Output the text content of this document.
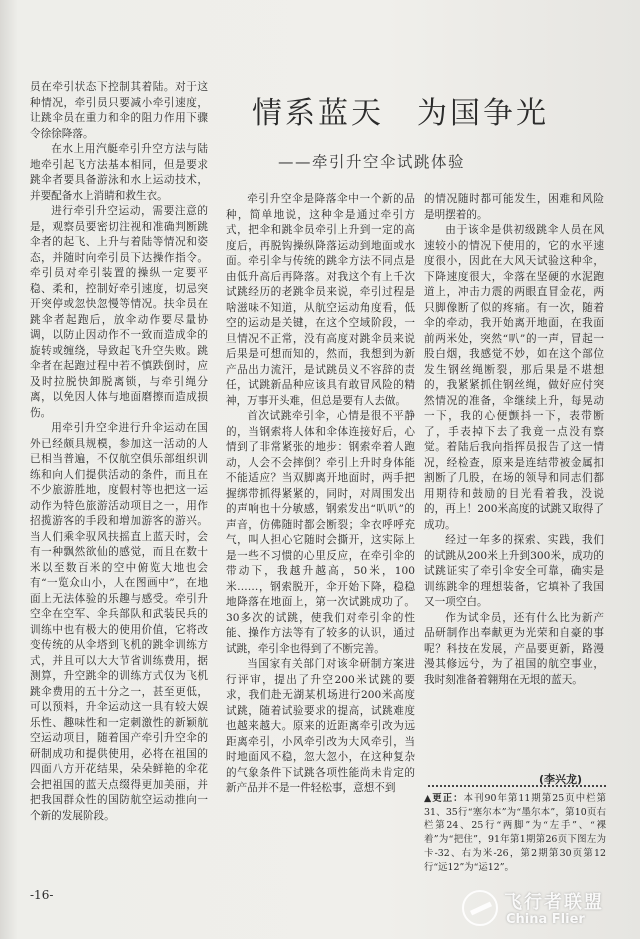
员在牵引状态下控制其着陆。对于这种情况，牵引员只要减小牵引速度，让跳伞员在重力和伞的阻力作用下骤令徐徐降落。

在水上用汽艇牵引升空方法与陆地牵引起飞方法基本相同，但是要求跳伞者要具备游泳和水上运动技术，并要配备水上消睛和救生衣。

进行牵引升空运动，需要注意的是，观察员要密切注视和准确判断跳伞者的起飞、上升与着陆等情况和姿态，并随时向牵引员下达操作指令。牵引员对牵引装置的操纵一定要平稳、柔和，控制好牵引速度，切忌突开突停或忽快忽慢等情况。扶伞员在跳伞者起跑后，放伞动作要尽量协调，以防止因动作不一致而造成伞的旋转或缠绕，导致起飞升空失败。跳伞者在起跑过程中若不慎跌倒时，应及时拉脱快卸脱离锁，与牵引绳分离，以免因人体与地面磨擦而造成损伤。

用牵引升空伞进行升伞运动在国外已经颇具规模，参加这一活动的人已相当普遍，不仅航空俱乐部组织训练和向人们提供活动的条件，而且在不少旅游胜地，度假村等也把这一运动作为特色旅游活动项目之一，用作招揽游客的手段和增加游客的游兴。当人们乘伞驭风扶摇直上蓝天时，会有一种飘然欲仙的感觉，而且在数十米以至数百米的空中俯览大地也会有“一览众山小，人在图画中”，在地面上无法体验的乐趣与感受。牵引升空伞在空军、伞兵部队和武装民兵的训练中也有极大的使用价值，它将改变传统的从伞塔到飞机的跳伞训练方式，并且可以大大节省训练费用，据测算，升空跳伞的训练方式仅为飞机跳伞费用的五十分之一，甚至更低，可以预料，升伞运动这一具有较大娱乐性、趣味性和一定刺激性的新颖航空运动项目，随着国产牵引升空伞的研制成功和提供使用，必将在祖国的四面八方开花结果，朵朵鲜艳的伞花会把祖国的蓝天点缀得更加美丽，并把我国群众性的国防航空运动推向一个新的发展阶段。

情系蓝天　为国争光
——牵引升空伞试跳体验

牵引升空伞是降落伞中一个新的品种，简单地说，这种伞是通过牵引方式，把伞和跳伞员牵引上升到一定的高度后，再脱钩操纵降落运动到地面或水面。牵引伞与传统的跳伞方法不同点是由低升高后再降落。对我这个有上千次试跳经历的老跳伞员来说，牵引过程是啥滋味不知道，从航空运动角度看，低空的运动是关键，在这个空域阶段，一旦情况不正常，没有高度对跳伞员来说后果是可想而知的，然而，我想到为新产品出力流汗，是试跳员义不容辞的责任，试跳新品种应该具有敢冒风险的精神，万事开头难，但总是要有人去做。

首次试跳牵引伞，心情是很不平静的，当钢索将人体和伞体连接好后，心情到了非常紧张的地步：钢索牵着人跑动，人会不会摔倒？牵引上升时身体能不能适应？当双脚离开地面时，两手把握绑带抓得紧紧的，同时，对周围发出的声响也十分敏感，钢索发出“叭叭”的声音，仿佛随时都会断裂；伞衣呼呼充气，叫人担心它随时会撕开，这实际上是一些不习惯的心里反应，在牵引伞的带动下，我越升越高，50米，100米……，钢索脱开，伞开始下降，稳稳地降落在地面上，第一次试跳成功了。30多次的试跳，使我们对牵引伞的性能、操作方法等有了较多的认识，通过试跳，牵引伞也得到了不断完善。

当国家有关部门对该伞研制方案进行评审，提出了升空200米试跳的要求，我们赴无湖某机场进行200米高度试跳，随着试验要求的提高，试跳难度也越来越大。原来的近距离牵引改为远距离牵引，小风牵引改为大风牵引，当时地面风不稳，忽大忽小，在这种复杂的气象条件下试跳各项性能尚未肯定的新产品并不是一件轻松事，意想不到

的情况随时都可能发生，困难和风险是明摆着的。

由于该伞是供初级跳伞人员在风速较小的情况下使用的，它的水平速度很小，因此在大风天试验这种伞，下降速度很大，伞落在坚硬的水泥跑道上，冲击力震的两眼直冒金花，两只脚像断了似的疼痛。有一次，随着伞的牵动，我开始离开地面，在我面前两米处，突然“叭”的一声，冒起一股白烟，我感觉不妙，如在这个部位发生钢丝绳断裂，那后果是不堪想的，我紧紧抓住钢丝绳，做好应付突然情况的准备，伞继续上升，每晃动一下，我的心便颤抖一下，表带断了，手表掉下去了我竟一点没有察觉。着陆后我向指挥员报告了这一情况，经检查，原来是连结带被金属扣割断了几股，在场的领导和同志们都用期待和鼓励的目光看着我，没说的，再上！200米高度的试跳又取得了成功。

经过一年多的探索、实践，我们的试跳从200米上升到300米，成功的试跳证实了牵引伞安全可靠，确实是训练跳伞的理想装备，它填补了我国又一项空白。

作为试伞员，还有什么比为新产品研制作出奉献更为光荣和自豪的事呢？科技在发展，产品要更新，路漫漫其修远兮，为了祖国的航空事业，我时刻准备着翱翔在无垠的蓝天。

(李兴龙)
▲更正：本刊90年第11期第25页中栏第31、35行“塞尔本”为“墨尔本”，第10页右栏第24、25行“两脚”为“左手”、“裸着”为“把住”，91年第1期第26页下图左为卡-32、右为米-26，第2期第30页第12行“远12”为“运12”。
-16-	飞行者联盟
China Flier
